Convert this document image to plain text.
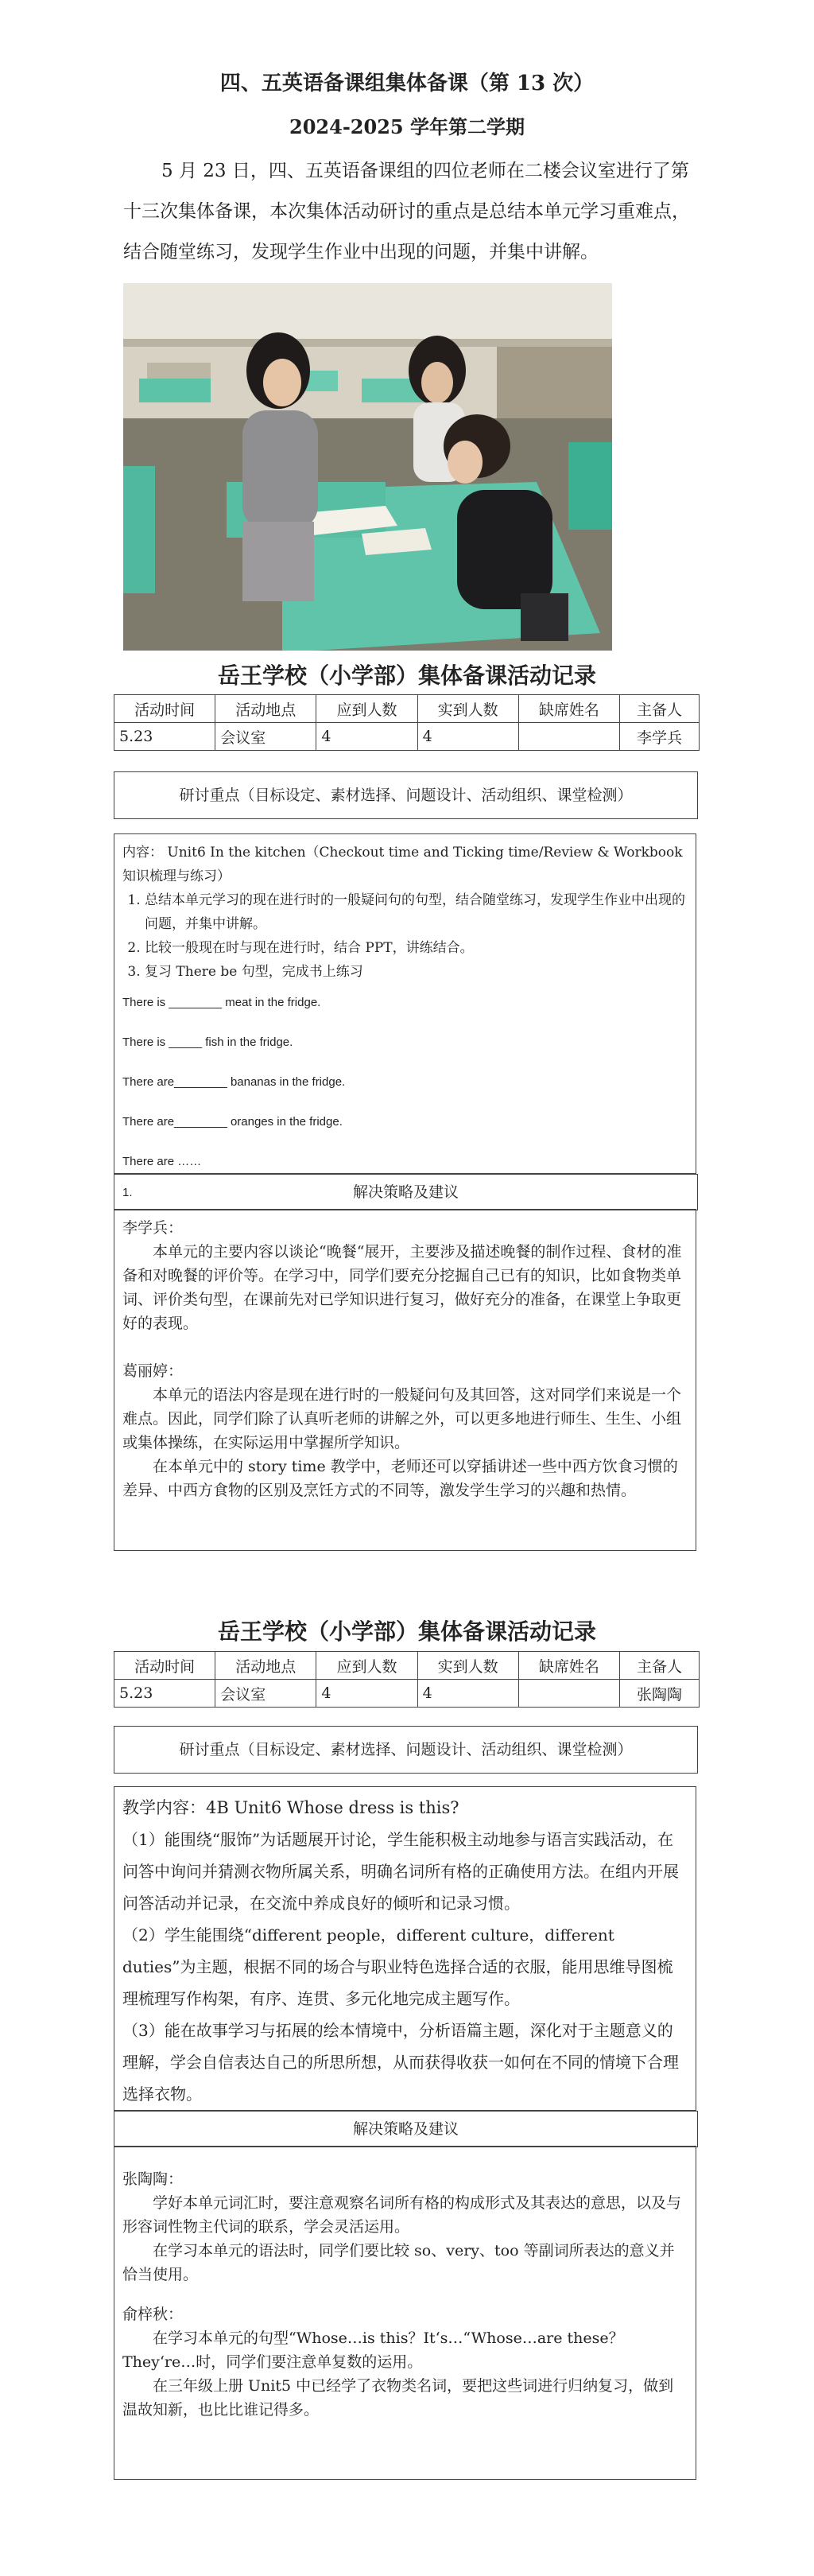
四、五英语备课组集体备课（第 13 次）
2024-2025 学年第二学期
5 月 23 日，四、五英语备课组的四位老师在二楼会议室进行了第十三次集体备课，本次集体活动研讨的重点是总结本单元学习重难点，结合随堂练习，发现学生作业中出现的问题，并集中讲解。
岳王学校（小学部）集体备课活动记录
活动时间	活动地点	应到人数	实到人数	缺席姓名	主备人
5.23	会议室	4	4		李学兵
研讨重点（目标设定、素材选择、问题设计、活动组织、课堂检测）
内容： Unit6 In the kitchen（Checkout time and Ticking time/Review & Workbook 知识梳理与练习）
1. 总结本单元学习的现在进行时的一般疑问句的句型，结合随堂练习，发现学生作业中出现的问题，并集中讲解。
2. 比较一般现在时与现在进行时，结合 PPT，讲练结合。
3. 复习 There be 句型，完成书上练习
There is ________ meat in the fridge.
There is _____ fish in the fridge.
There are________ bananas in the fridge.
There are________ oranges in the fridge.
There are ……
1.	解决策略及建议

李学兵：

本单元的主要内容以谈论“晚餐“展开，主要涉及描述晚餐的制作过程、食材的准备和对晚餐的评价等。在学习中，同学们要充分挖掘自己已有的知识，比如食物类单词、评价类句型，在课前先对已学知识进行复习，做好充分的准备，在课堂上争取更好的表现。

葛丽婷：

本单元的语法内容是现在进行时的一般疑问句及其回答，这对同学们来说是一个难点。因此，同学们除了认真听老师的讲解之外，可以更多地进行师生、生生、小组或集体操练，在实际运用中掌握所学知识。

在本单元中的 story time 教学中，老师还可以穿插讲述一些中西方饮食习惯的差异、中西方食物的区别及烹饪方式的不同等，激发学生学习的兴趣和热情。

岳王学校（小学部）集体备课活动记录
活动时间	活动地点	应到人数	实到人数	缺席姓名	主备人
5.23	会议室	4	4		张陶陶
研讨重点（目标设定、素材选择、问题设计、活动组织、课堂检测）

教学内容：4B Unit6 Whose dress is this?

（1）能围绕“服饰”为话题展开讨论，学生能积极主动地参与语言实践活动，在问答中询问并猜测衣物所属关系，明确名词所有格的正确使用方法。在组内开展问答活动并记录，在交流中养成良好的倾听和记录习惯。

（2）学生能围绕“different people，different culture，different duties”为主题，根据不同的场合与职业特色选择合适的衣服，能用思维导图梳理梳理写作构架，有序、连贯、多元化地完成主题写作。

（3）能在故事学习与拓展的绘本情境中，分析语篇主题，深化对于主题意义的理解，学会自信表达自己的所思所想，从而获得收获一如何在不同的情境下合理选择衣物。

解决策略及建议

张陶陶：

学好本单元词汇时，要注意观察名词所有格的构成形式及其表达的意思，以及与形容词性物主代词的联系，学会灵活运用。

在学习本单元的语法时，同学们要比较 so、very、too 等副词所表达的意义并恰当使用。

俞梓秋：

在学习本单元的句型“Whose…is this？It‘s…“Whose…are these？They‘re…时，同学们要注意单复数的运用。

在三年级上册 Unit5 中已经学了衣物类名词，要把这些词进行归纳复习，做到温故知新，也比比谁记得多。
